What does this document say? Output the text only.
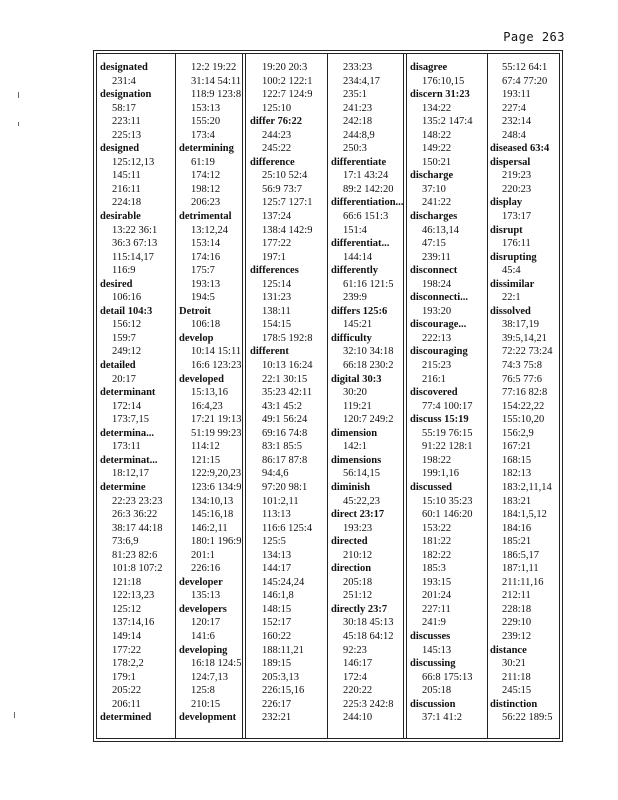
Page 263
designated
231:4
designation
58:17
223:11
225:13
designed
125:12,13
145:11
216:11
224:18
desirable
13:22 36:1
36:3 67:13
115:14,17
116:9
desired
106:16
detail 104:3
156:12
159:7
249:12
detailed
20:17
determinant
172:14
173:7,15
determina...
173:11
determinat...
18:12,17
determine
22:23 23:23
26:3 36:22
38:17 44:18
73:6,9
81:23 82:6
101:8 107:2
121:18
122:13,23
125:12
137:14,16
149:14
177:22
178:2,2
179:1
205:22
206:11
determined
12:2 19:22
31:14 54:11
118:9 123:8
153:13
155:20
173:4
determining
61:19
174:12
198:12
206:23
detrimental
13:12,24
153:14
174:16
175:7
193:13
194:5
Detroit
106:18
develop
10:14 15:11
16:6 123:23
developed
15:13,16
16:4,23
17:21 19:13
51:19 99:23
114:12
121:15
122:9,20,23
123:6 134:9
134:10,13
145:16,18
146:2,11
180:1 196:9
201:1
226:16
developer
135:13
developers
120:17
141:6
developing
16:18 124:5
124:7,13
125:8
210:15
development
19:20 20:3
100:2 122:1
122:7 124:9
125:10
differ 76:22
244:23
245:22
difference
25:10 52:4
56:9 73:7
125:7 127:1
137:24
138:4 142:9
177:22
197:1
differences
125:14
131:23
138:11
154:15
178:5 192:8
different
10:13 16:24
22:1 30:15
35:23 42:11
43:1 45:2
49:1 56:24
69:16 74:8
83:1 85:5
86:17 87:8
94:4,6
97:20 98:1
101:2,11
113:13
116:6 125:4
125:5
134:13
144:17
145:24,24
146:1,8
148:15
152:17
160:22
188:11,21
189:15
205:3,13
226:15,16
226:17
232:21
233:23
234:4,17
235:1
241:23
242:18
244:8,9
250:3
differentiate
17:1 43:24
89:2 142:20
differentiation...
66:6 151:3
151:4
differentiat...
144:14
differently
61:16 121:5
239:9
differs 125:6
145:21
difficulty
32:10 34:18
66:18 230:2
digital 30:3
30:20
119:21
120:7 249:2
dimension
142:1
dimensions
56:14,15
diminish
45:22,23
direct 23:17
193:23
directed
210:12
direction
205:18
251:12
directly 23:7
30:18 45:13
45:18 64:12
92:23
146:17
172:4
220:22
225:3 242:8
244:10
disagree
176:10,15
discern 31:23
134:22
135:2 147:4
148:22
149:22
150:21
discharge
37:10
241:22
discharges
46:13,14
47:15
239:11
disconnect
198:24
disconnecti...
193:20
discourage...
222:13
discouraging
215:23
216:1
discovered
77:4 100:17
discuss 15:19
55:19 76:15
91:22 128:1
198:22
199:1,16
discussed
15:10 35:23
60:1 146:20
153:22
181:22
182:22
185:3
193:15
201:24
227:11
241:9
discusses
145:13
discussing
66:8 175:13
205:18
discussion
37:1 41:2
55:12 64:1
67:4 77:20
193:11
227:4
232:14
248:4
diseased 63:4
dispersal
219:23
220:23
display
173:17
disrupt
176:11
disrupting
45:4
dissimilar
22:1
dissolved
38:17,19
39:5,14,21
72:22 73:24
74:3 75:8
76:5 77:6
77:16 82:8
154:22,22
155:10,20
156:2,9
167:21
168:15
182:13
183:2,11,14
183:21
184:1,5,12
184:16
185:21
186:5,17
187:1,11
211:11,16
212:11
228:18
229:10
239:12
distance
30:21
211:18
245:15
distinction
56:22 189:5
